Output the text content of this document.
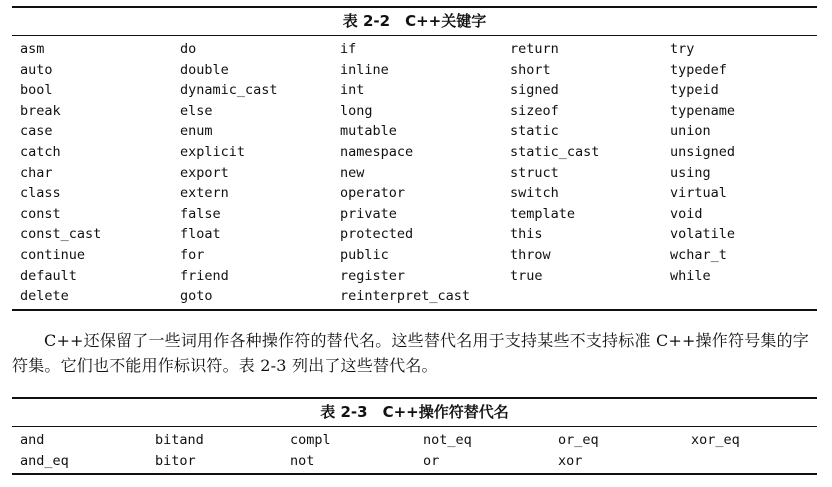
表 2-2　C++关键字
asm	do	if	return	try
auto	double	inline	short	typedef
bool	dynamic_cast	int	signed	typeid
break	else	long	sizeof	typename
case	enum	mutable	static	union
catch	explicit	namespace	static_cast	unsigned
char	export	new	struct	using
class	extern	operator	switch	virtual
const	false	private	template	void
const_cast	float	protected	this	volatile
continue	for	public	throw	wchar_t
default	friend	register	true	while
delete	goto	reinterpret_cast

C++还保留了一些词用作各种操作符的替代名。这些替代名用于支持某些不支持标准 C++操作符号集的字符集。它们也不能用作标识符。表 2-3 列出了这些替代名。

表 2-3　C++操作符替代名
and	bitand	compl	not_eq	or_eq	xor_eq
and_eq	bitor	not	or	xor
